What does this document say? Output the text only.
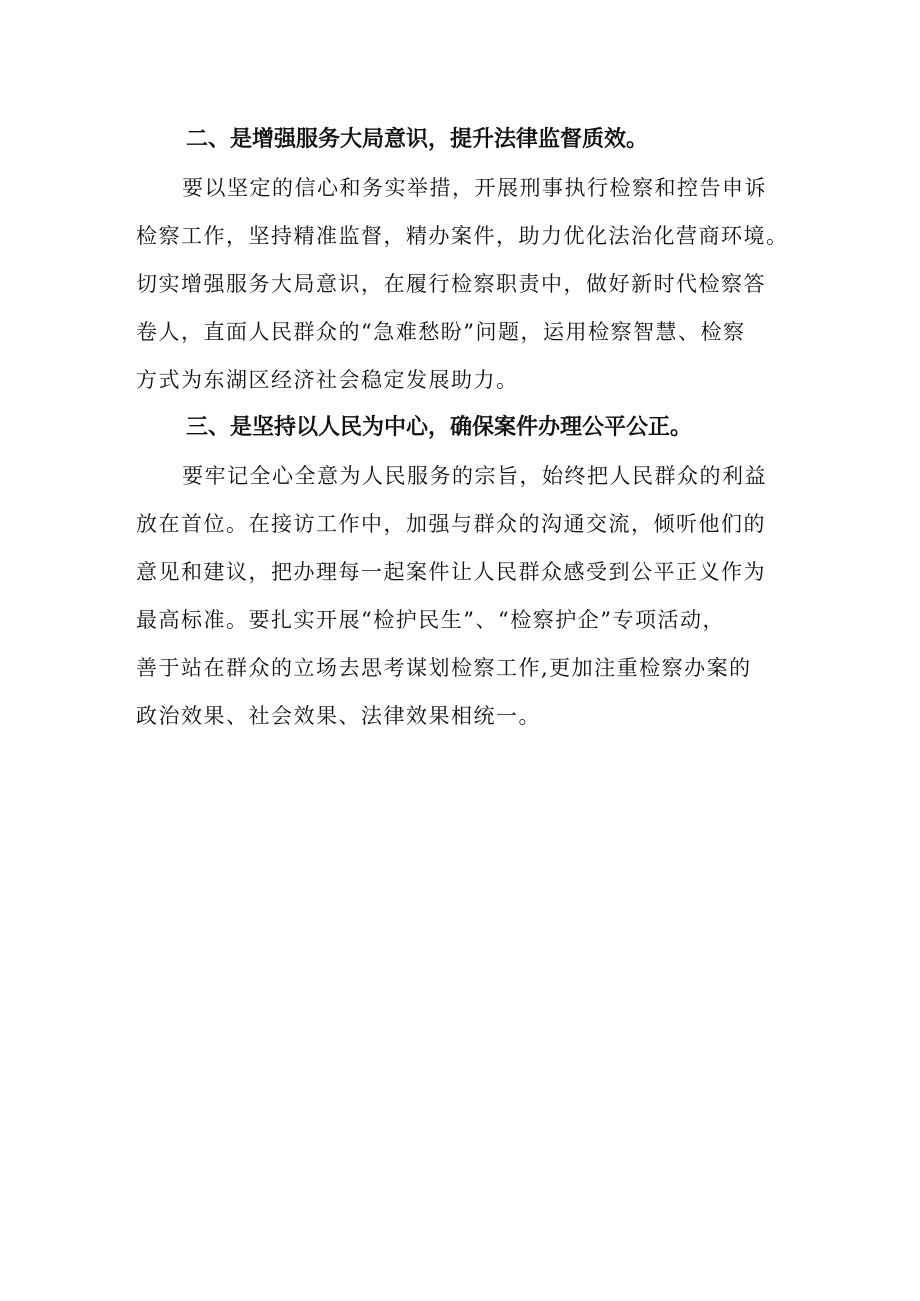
二、是增强服务大局意识，提升法律监督质效。

要以坚定的信心和务实举措，开展刑事执行检察和控告申诉
检察工作，坚持精准监督，精办案件，助力优化法治化营商环境。
切实增强服务大局意识，在履行检察职责中，做好新时代检察答
卷人，直面人民群众的“急难愁盼”问题，运用检察智慧、检察
方式为东湖区经济社会稳定发展助力。

三、是坚持以人民为中心，确保案件办理公平公正。

要牢记全心全意为人民服务的宗旨，始终把人民群众的利益
放在首位。在接访工作中，加强与群众的沟通交流，倾听他们的
意见和建议，把办理每一起案件让人民群众感受到公平正义作为
最高标准。要扎实开展“检护民生”、“检察护企”专项活动，
善于站在群众的立场去思考谋划检察工作,更加注重检察办案的
政治效果、社会效果、法律效果相统一。
